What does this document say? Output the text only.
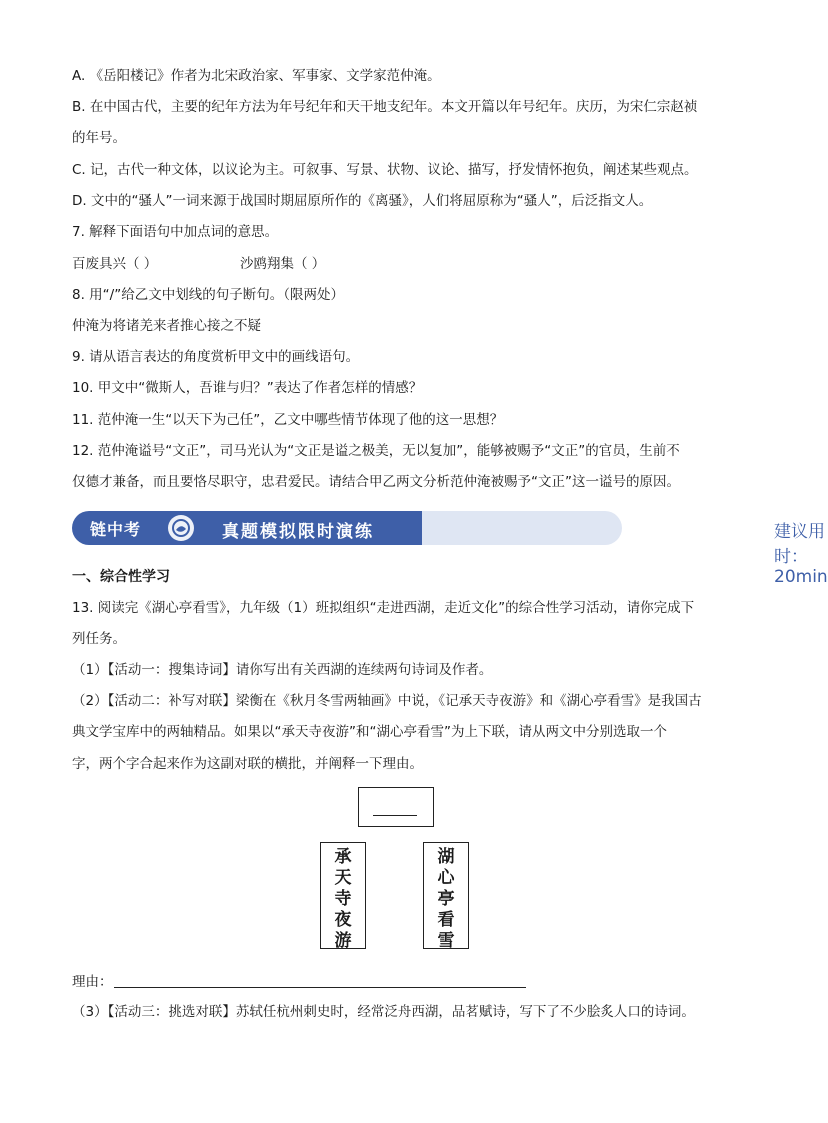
A. 《岳阳楼记》作者为北宋政治家、军事家、文学家范仲淹。
B. 在中国古代，主要的纪年方法为年号纪年和天干地支纪年。本文开篇以年号纪年。庆历，为宋仁宗赵祯
的年号。
C. 记，古代一种文体，以议论为主。可叙事、写景、状物、议论、描写，抒发情怀抱负，阐述某些观点。
D. 文中的“骚人”一词来源于战国时期屈原所作的《离骚》，人们将屈原称为“骚人”，后泛指文人。
7. 解释下面语句中加点词的意思。
百废具兴（ ）	沙鸥翔集（ ）
8. 用“/”给乙文中划线的句子断句。（限两处）
仲淹为将诸羌来者推心接之不疑
9. 请从语言表达的角度赏析甲文中的画线语句。
10. 甲文中“微斯人，吾谁与归？”表达了作者怎样的情感？
11. 范仲淹一生“以天下为己任”，乙文中哪些情节体现了他的这一思想？
12. 范仲淹谥号“文正”，司马光认为“文正是谥之极美，无以复加”，能够被赐予“文正”的官员，生前不
仅德才兼备，而且要恪尽职守，忠君爱民。请结合甲乙两文分析范仲淹被赐予“文正”这一谥号的原因。
建议用时：20min
链中考	真题模拟限时演练
一、综合性学习
13. 阅读完《湖心亭看雪》，九年级（1）班拟组织“走进西湖，走近文化”的综合性学习活动，请你完成下
列任务。
（1）【活动一：搜集诗词】请你写出有关西湖的连续两句诗词及作者。
（2）【活动二：补写对联】梁衡在《秋月冬雪两轴画》中说，《记承天寺夜游》和《湖心亭看雪》是我国古
典文学宝库中的两轴精品。如果以“承天寺夜游”和“湖心亭看雪”为上下联，请从两文中分别选取一个
字，两个字合起来作为这副对联的横批，并阐释一下理由。
承
天
寺
夜
游
湖
心
亭
看
雪
理由：
（3）【活动三：挑选对联】苏轼任杭州刺史时，经常泛舟西湖，品茗赋诗，写下了不少脍炙人口的诗词。
